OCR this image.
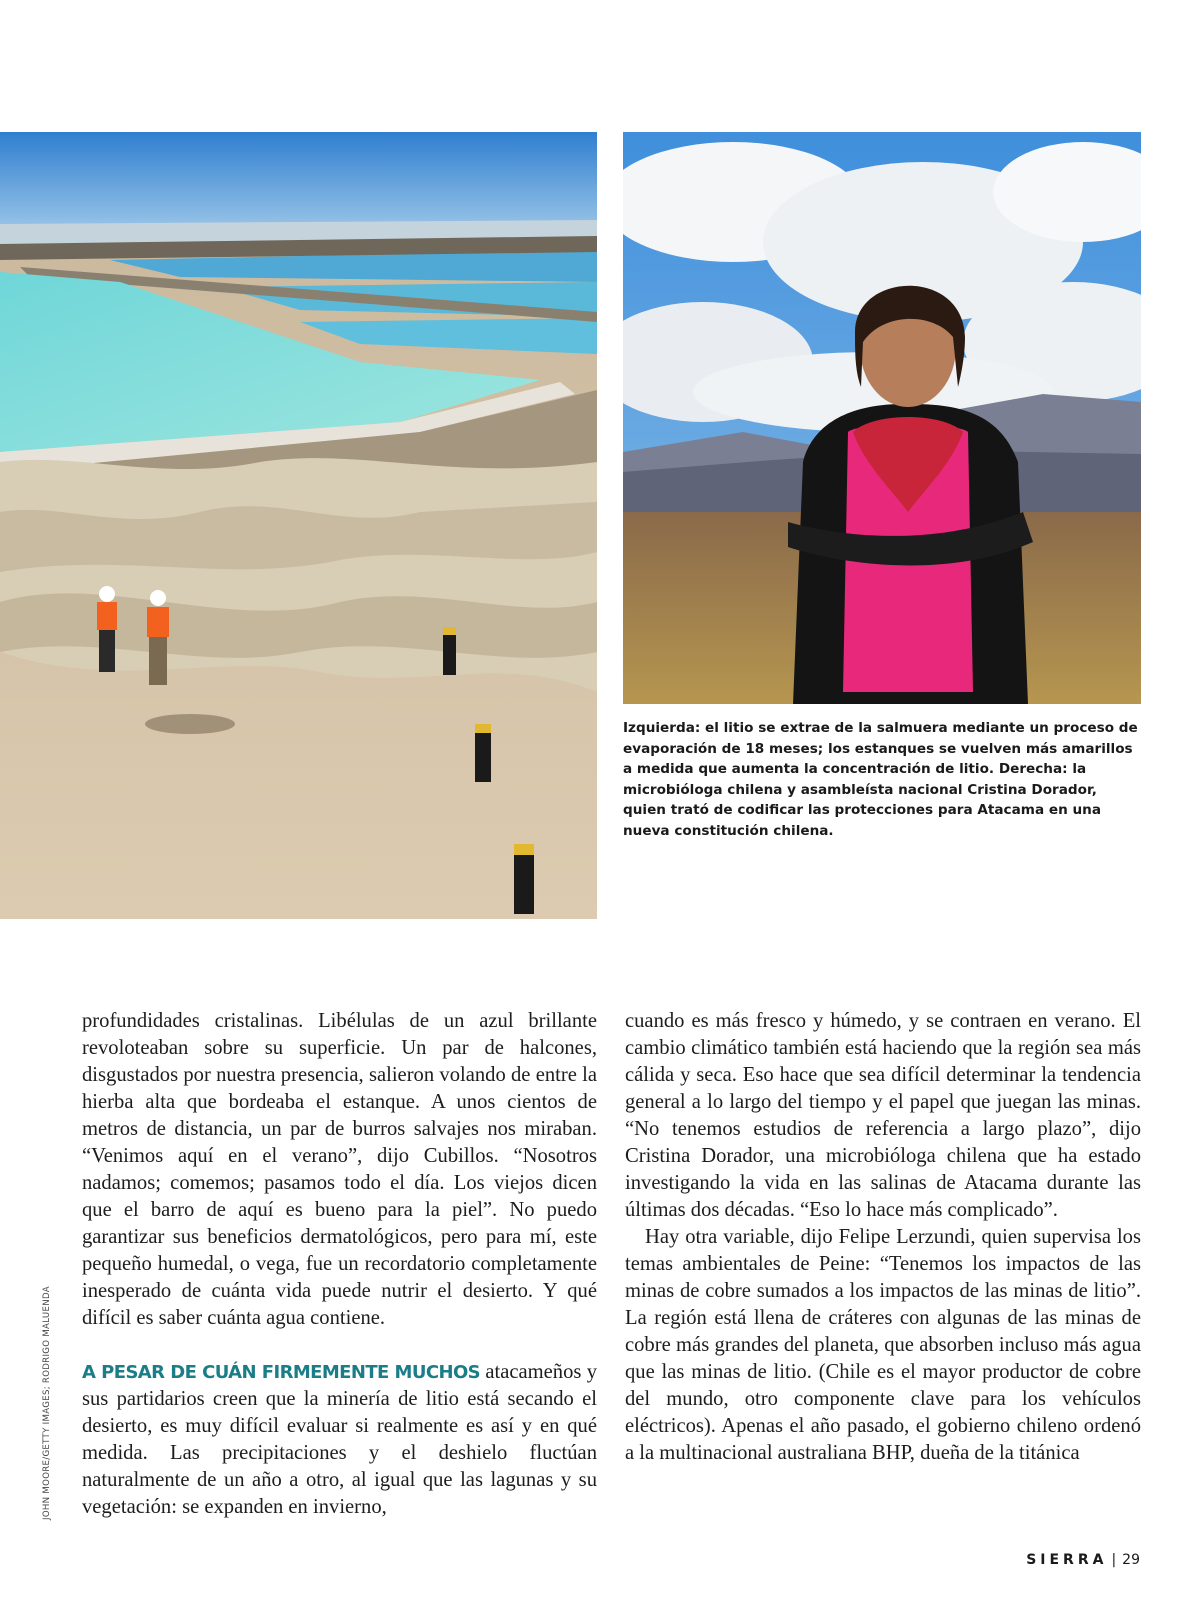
Izquierda: el litio se extrae de la salmuera mediante un proceso de evaporación de 18 meses; los estanques se vuelven más amarillos a medida que aumenta la concentración de litio. Derecha: la microbióloga chilena y asambleísta nacional Cristina Dorador, quien trató de codificar las protecciones para Atacama en una nueva constitución chilena.

JOHN MOORE/GETTY IMAGES; RODRIGO MALUENDA

profundidades cristalinas. Libélulas de un azul brillante revoloteaban sobre su superficie. Un par de halcones, disgustados por nuestra presencia, salieron volando de entre la hierba alta que bordeaba el estanque. A unos cientos de metros de distancia, un par de burros salvajes nos miraban. “Venimos aquí en el verano”, dijo Cubillos. “Nosotros nadamos; comemos; pasamos todo el día. Los viejos dicen que el barro de aquí es bueno para la piel”. No puedo garantizar sus beneficios dermatológicos, pero para mí, este pequeño humedal, o vega, fue un recordatorio completamente inesperado de cuánta vida puede nutrir el desierto. Y qué difícil es saber cuánta agua contiene.

A PESAR DE CUÁN FIRMEMENTE MUCHOS atacameños y sus partidarios creen que la minería de litio está secando el desierto, es muy difícil evaluar si realmente es así y en qué medida. Las precipitaciones y el deshielo fluctúan naturalmente de un año a otro, al igual que las lagunas y su vegetación: se expanden en invierno,

cuando es más fresco y húmedo, y se contraen en verano. El cambio climático también está haciendo que la región sea más cálida y seca. Eso hace que sea difícil determinar la tendencia general a lo largo del tiempo y el papel que juegan las minas. “No tenemos estudios de referencia a largo plazo”, dijo Cristina Dorador, una microbióloga chilena que ha estado investigando la vida en las salinas de Atacama durante las últimas dos décadas. “Eso lo hace más complicado”.

Hay otra variable, dijo Felipe Lerzundi, quien supervisa los temas ambientales de Peine: “Tenemos los impactos de las minas de cobre sumados a los impactos de las minas de litio”. La región está llena de cráteres con algunas de las minas de cobre más grandes del planeta, que absorben incluso más agua que las minas de litio. (Chile es el mayor productor de cobre del mundo, otro componente clave para los vehículos eléctricos). Apenas el año pasado, el gobierno chileno ordenó a la multinacional australiana BHP, dueña de la titánica

SIERRA | 29
